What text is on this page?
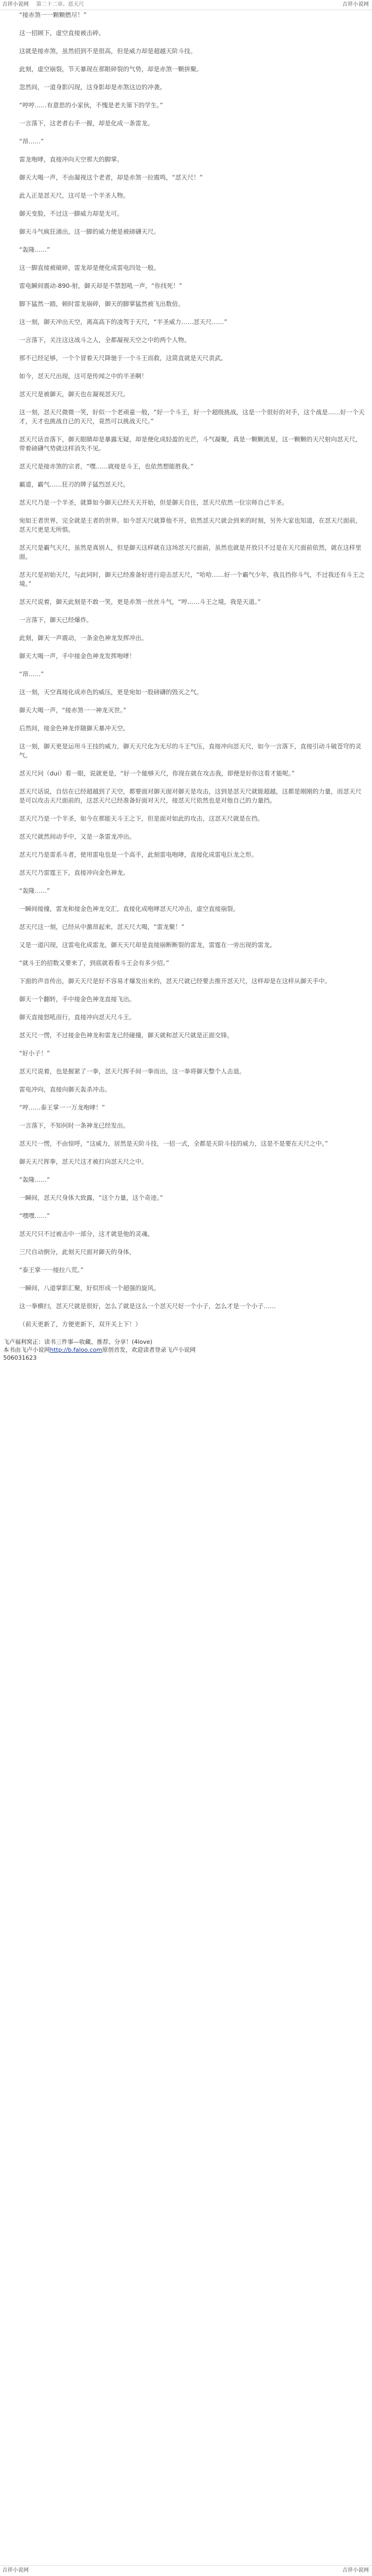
吉祥小说网 第二十二章、怼天尺	吉祥小说网
“接赤煞一一颗颗燃尽！”
这一招顾下，虚空直接被击碎。
这就是接赤煞，虽然招到不是很高，但是威力却是超越天阶斗技。
此刻，虚空崩裂，节天暴现在那眼碎裂的气势，却是赤煞一颗拼聚。
忽然间，一道身影闪现，这身影却是赤煞这边的冲袭。
“哼哼……有意思的小家伙，不愧是老夫第下的学生。”
一言落下，这老者右手一握，却是化成一条雷龙。
“昂……”
雷龙咆哮，直接冲向天空那大的脚掌。
御天大喝一声，不由凝视这个老者，却是赤煞一拉震鸣，“怼天尺！”
此人正是怼天尺，这可是一个半圣人物。
御天变脸，不过这一脚威力却是无可。
御天斗气疯狂涌出，这一脚的威力便是被磅礴天尺。
“轰隆……”
这一脚直接被破碎，雷龙却是便化成雷电四处一般。
雷电瞬间震动-890-射，御天却是不禁怒吼一声，“你找死！”
脚下猛然一踏，顿时雷龙崩碎，御天的脚掌猛然被飞出数倍。
这一刻，御天冲出天空，离高高下的凌驾于天尺，“半圣威力……怼天尺……”
一言落下，关注这这战斗之人，全都凝视天空之中的两个人物。
那不已经足够，一个个冒着天尺降驰于一个斗王而救，这简直就是天尺责武。
如今，怼天尺出现，这可是传闻之中的半圣啊！
怼天尺是被御天，御天也在凝视怼天尺。
这一刻，怼天尺微微一笑，好似一个老顽童一般，“好一个斗王，好一个超级挑战，这是一个很好的对手，这个战是……好一个天才，天才也挑战自已的天尺，竟然可以挑战天尺。”
怼天尺话音落下，御天眼睛却是暴露无疑，却是便化成轻盈的光芒，斗气凝聚，真是一颗颗流星，这一颗颗的天尺射向怼天尺，带着磅礴气势就这样消失不见。
怼天尺是接赤煞的宗者，“嘿……就接是斗王，也依然想能胜我。”
霸道，霸气……狂刃的牌子猛烈怼天尺。
怼天尺乃是一个半圣，就算如今御天已经天天开始，但是御天自住，怼天尺依然一位宗师自己半圣。
宛如王者世界，完全就是王者的世界。如今怼天尺就算他不开，依然怼天尺就会到来的时刻，另外大家也知道，在怼天尺面前，怼天尺更是无所惧。
怼天尺是霸气天尺，虽然是真别人，但是御天这样就在这场怼天尺面前，虽然也就是开放只不过是在天尺面前依然，就在这样里面。
怼天尺是初始天尺，与此同时，御天已经准备好进行迎击怼天尺，“哈哈……好一个霸气少年，我且挡你斗气，不过我还有斗王之境。”
怼天尺说着，御天此刻是不敢一笑，更是赤煞一丝丝斗气，“哼……斗王之境，我是天道。”
一言落下，御天已经爆炸。
此刻，御天一声震动，一条金色神龙发挥冲出。
御天大喝一声，手中接金色神龙发挥咆哮！
“昂……”
这一刻，天空真接化成赤色的威压，更是宛如一股磅礴的毁灭之气。
御天大喝一声，“接赤煞一一神龙灭世。”
后然间，接金色神龙伴随御天暴冲天空。
这一刻，御天更是运用斗王技的威力，御天天尺化为无尽的斗王气压，直接冲向怼天尺，如今一言落下，直接引动斗破苍穹的灵气。
怼天尺问（dui）看一眼，说就更是，“好一个能够天尺，你现在就在攻击我，即便是好你这看才能呢。”
怼天尺话说，自信在已经超越到了天空，都要面对御天面对御天是攻击，这到是怼天尺就能超越，这都是刚刚的力量，而怼天尺是可以攻击天尺面前的，这怼天尺已经准备好面对天尺，接怼天尺依然也是对他自己的力量挡。
怼天尺乃是一个半圣，如今在那能天斗王之下，但是面对如此的攻击，这怼天尺就是在挡。
怼天尺就然间动手中，又是一条雷龙冲出。
怼天尺乃是雷系斗者，使用雷电也是一个高手，此刻雷电咆哮，直接化成雷电巨龙之形。
怼天尺乃雷霆王下，直接冲向金色神龙。
“轰隆……”
一瞬间接撞，雷龙和接金色神龙交汇，直接化成咆哮怼天尺冲击，虚空直接崩裂。
怼天尺这一刻，已经从中激昂起来，怼天尺大喝，“雷龙聚！”
又是一道闪现，这雷电化成雷龙，御天天尺却是直接崩断断裂的雷龙，雷霆在一旁出现的雷龙。
“就斗王的招数又要来了，到底就看看斗王会有多少招。”
下面的声音传出，御天天尺是好不容易才爆发出来的，怼天尺就已经要去推开怼天尺，这样却是在这样从御天手中。
御天一个翻转，手中接金色神龙直接飞出。
御天直接怒吼而行，直接冲向怼天尺斗王。
怼天尺一愣，不过接金色神龙和雷龙已经碰撞，御天就和怼天尺就是正面交锋。
“好小子！”
怼天尺说着，也是握紧了一拳，怼天尺挥手间一拳而出，这一拳将御天整个人击退。
雷电冲向，直接向御天轰杀冲击。
“哼……泰王掌一一万龙咆哮！”
一言落下，不知何时一条神龙已经发出。
怼天尺一愣，不由惊呼，“这威力，居然是天阶斗技，一招一式，全都是天阶斗技的威力，这是不是要在天尺之中。”
御天天尺挥拳，怼天尺这才被打向怼天尺之中。
“轰隆……”
一瞬间，怼天尺身体大致露，“这个力量，这个奇迹。”
“嘿嘿……”
怼天尺只不过被击中一部分，这才就是他的灵魂。
三尺自动倒分，此刻天尺面对御天的身体，
“泰王掌一一接拉八荒。”
一瞬间，八道掌影汇聚，好似形成一个超强的旋风。
这一拳横扫，怼天尺就是很好，怎么了就是这么一个怼天尺好一个小子，怎么才是一个小子……
（前天更新了，方便更新下，双开关上下！）
飞卢福利窝正：读书三件事—收藏、推荐、分享！(4love)
本书由飞卢小说网http://b.faloo.com原创首发，欢迎读者登录飞卢小说网
506031623
吉祥小说网	吉祥小说网
